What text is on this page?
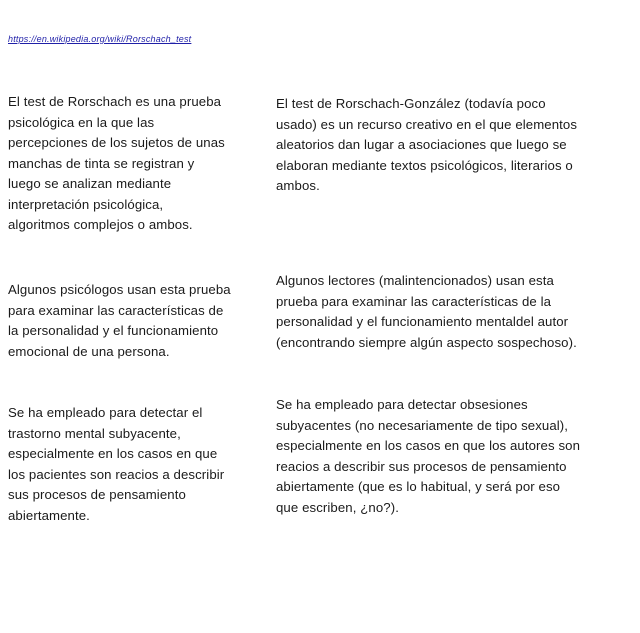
https://en.wikipedia.org/wiki/Rorschach_test
El test de Rorschach es una prueba
psicológica en la que las
percepciones de los sujetos de unas
manchas de tinta se registran y
luego se analizan mediante
interpretación psicológica,
algoritmos complejos o ambos.
El test de Rorschach-González (todavía poco
usado) es un recurso creativo en el que elementos
aleatorios dan lugar a asociaciones que luego se
elaboran mediante textos psicológicos, literarios o
ambos.
Algunos psicólogos usan esta prueba
para examinar las características de
la personalidad y el funcionamiento
emocional de una persona.
Algunos lectores (malintencionados) usan esta
prueba para examinar las características de la
personalidad y el funcionamiento mentaldel autor
(encontrando siempre algún aspecto sospechoso).
Se ha empleado para detectar el
trastorno mental subyacente,
especialmente en los casos en que
los pacientes son reacios a describir
sus procesos de pensamiento
abiertamente.
Se ha empleado para detectar obsesiones
subyacentes (no necesariamente de tipo sexual),
especialmente en los casos en que los autores son
reacios a describir sus procesos de pensamiento
abiertamente (que es lo habitual, y será por eso
que escriben, ¿no?).
